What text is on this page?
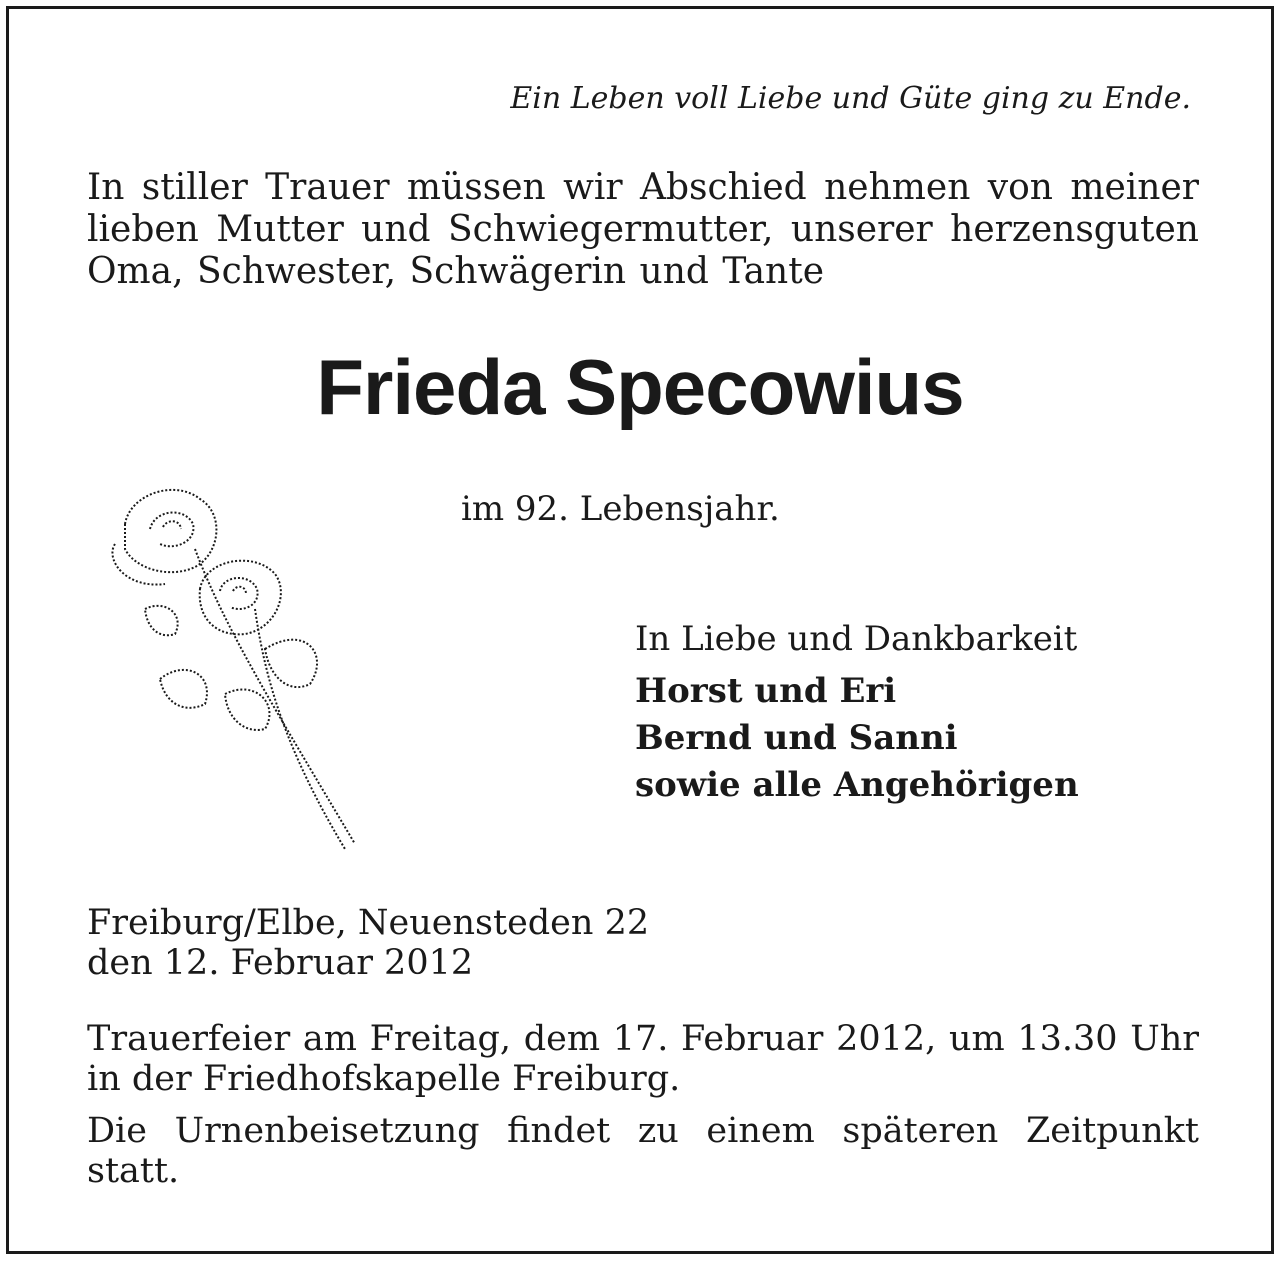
Ein Leben voll Liebe und Güte ging zu Ende.
In stiller Trauer müssen wir Abschied nehmen von meiner lieben Mutter und Schwiegermutter, unserer herzensguten Oma, Schwester, Schwägerin und Tante
Frieda Specowius
im 92. Lebensjahr.
In Liebe und Dankbarkeit
Horst und Eri
Bernd und Sanni
sowie alle Angehörigen
Freiburg/Elbe, Neuensteden 22
den 12. Februar 2012
Trauerfeier am Freitag, dem 17. Februar 2012, um 13.30 Uhr in der Friedhofskapelle Freiburg.
Die Urnenbeisetzung findet zu einem späteren Zeitpunkt statt.
